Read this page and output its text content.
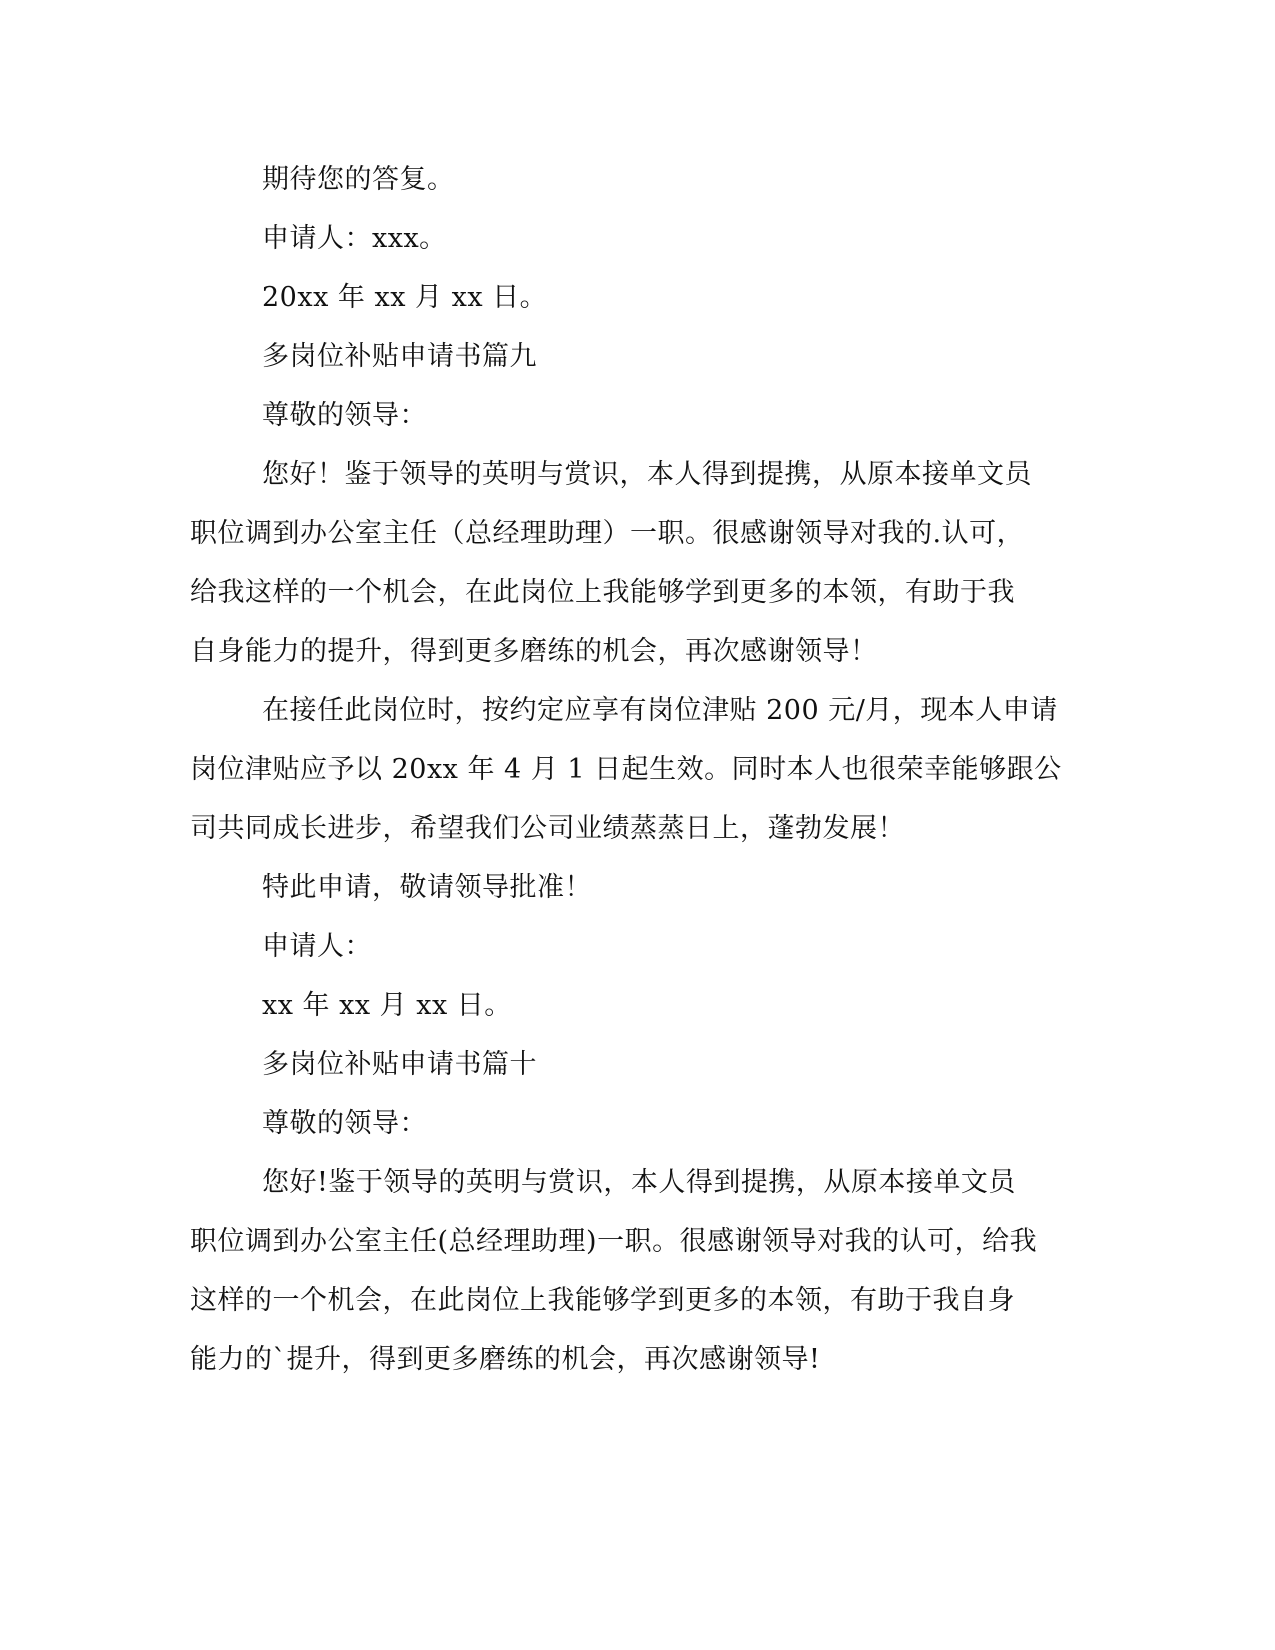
期待您的答复。
申请人：xxx。
20xx 年 xx 月 xx 日。
多岗位补贴申请书篇九
尊敬的领导：
您好！鉴于领导的英明与赏识，本人得到提携，从原本接单文员
职位调到办公室主任（总经理助理）一职。很感谢领导对我的.认可，
给我这样的一个机会，在此岗位上我能够学到更多的本领，有助于我
自身能力的提升，得到更多磨练的机会，再次感谢领导！
在接任此岗位时，按约定应享有岗位津贴 200 元/月，现本人申请
岗位津贴应予以 20xx 年 4 月 1 日起生效。同时本人也很荣幸能够跟公
司共同成长进步，希望我们公司业绩蒸蒸日上，蓬勃发展！
特此申请，敬请领导批准！
申请人：
xx 年 xx 月 xx 日。
多岗位补贴申请书篇十
尊敬的领导：
您好!鉴于领导的英明与赏识，本人得到提携，从原本接单文员
职位调到办公室主任(总经理助理)一职。很感谢领导对我的认可，给我
这样的一个机会，在此岗位上我能够学到更多的本领，有助于我自身
能力的`提升，得到更多磨练的机会，再次感谢领导!
